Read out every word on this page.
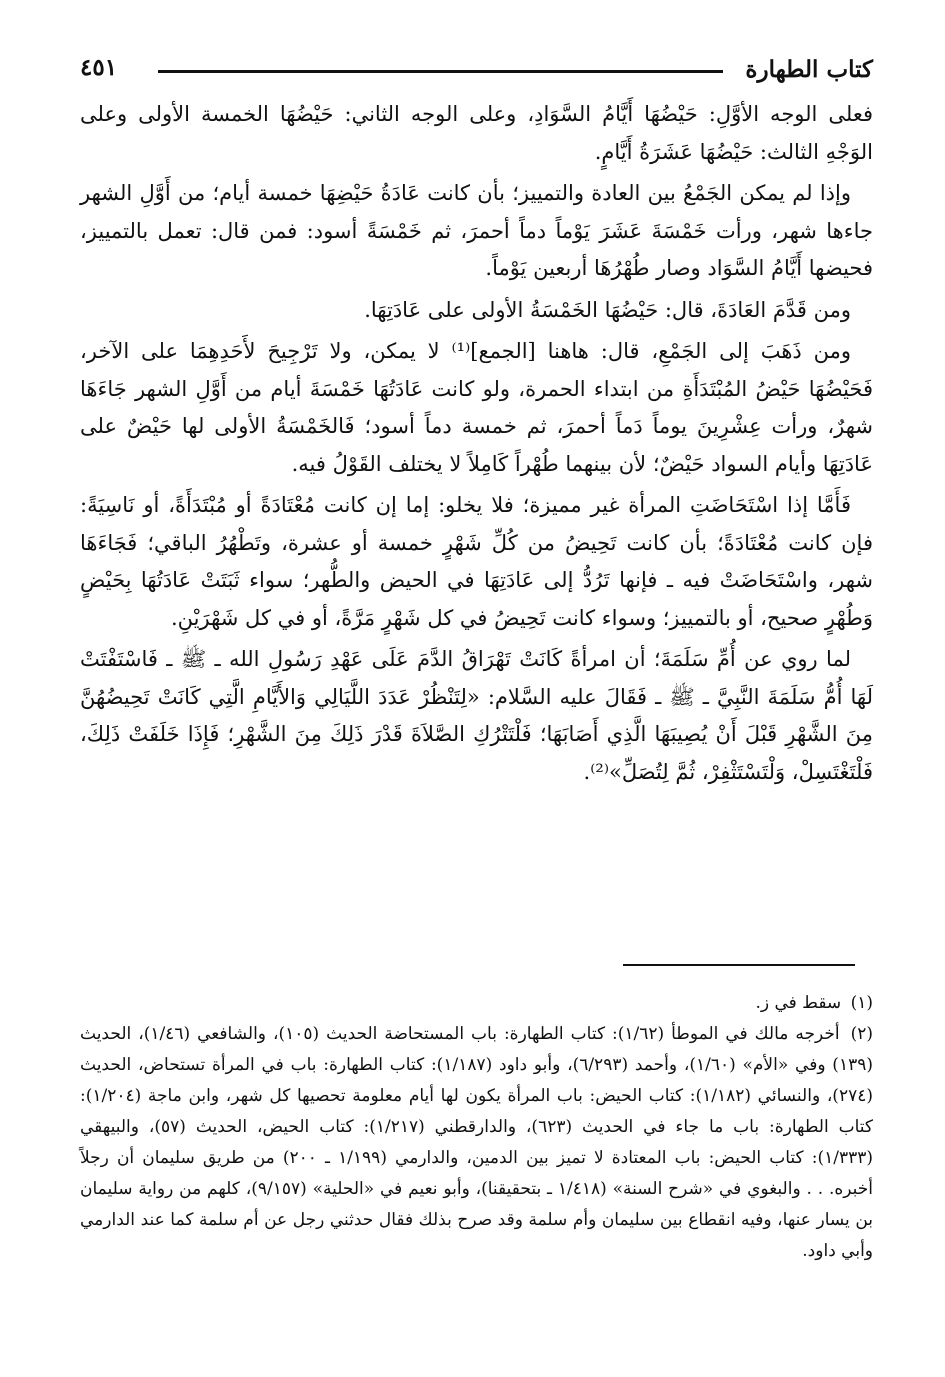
كتاب الطهارة
٤٥١

فعلى الوجه الأوَّلِ: حَيْضُهَا أَيَّامُ السَّوَادِ، وعلى الوجه الثاني: حَيْضُهَا الخمسة الأولى وعلى الوَجْهِ الثالث: حَيْضُهَا عَشَرَةُ أَيَّامٍ.

وإذا لم يمكن الجَمْعُ بين العادة والتمييز؛ بأن كانت عَادَةُ حَيْضِهَا خمسة أيام؛ من أَوَّلِ الشهر جاءها شهر، ورأت خَمْسَةَ عَشَرَ يَوْماً دماً أحمرَ، ثم خَمْسَةً أسود: فمن قال: تعمل بالتمييز، فحيضها أَيَّامُ السَّوَاد وصار طُهْرُهَا أربعين يَوْماً.

ومن قَدَّمَ العَادَةَ، قال: حَيْضُهَا الخَمْسَةُ الأولى على عَادَتِهَا.

ومن ذَهَبَ إلى الجَمْعِ، قال: هاهنا [الجمع]⁽¹⁾ لا يمكن، ولا تَرْجِيحَ لأَحَدِهِمَا على الآخر، فَحَيْضُهَا حَيْضُ المُبْتَدَأَةِ من ابتداء الحمرة، ولو كانت عَادَتُهَا خَمْسَةَ أيام من أَوَّلِ الشهر جَاءَهَا شهرٌ، ورأت عِشْرِينَ يوماً دَماً أحمرَ، ثم خمسة دماً أسود؛ فَالخَمْسَةُ الأولى لها حَيْضٌ على عَادَتِهَا وأيام السواد حَيْضٌ؛ لأن بينهما طُهْراً كَامِلاً لا يختلف القَوْلُ فيه.

فَأَمَّا إذا اسْتَحَاضَتِ المرأة غير مميزة؛ فلا يخلو: إما إن كانت مُعْتَادَةً أو مُبْتَدَأَةً، أو نَاسِيَةً: فإن كانت مُعْتَادَةً؛ بأن كانت تَحِيضُ من كُلِّ شَهْرٍ خمسة أو عشرة، وتَطْهُرُ الباقي؛ فَجَاءَهَا شهر، واسْتَحَاضَتْ فيه ـ فإنها تَرُدُّ إلى عَادَتِهَا في الحيض والطُّهر؛ سواء ثَبَتَتْ عَادَتُهَا بِحَيْضٍ وَطُهْرٍ صحيح، أو بالتمييز؛ وسواء كانت تَحِيضُ في كل شَهْرٍ مَرَّةً، أو في كل شَهْرَيْنِ.

لما روي عن أُمِّ سَلَمَةَ؛ أن امرأةً كَانَتْ تَهْرَاقُ الدَّمَ عَلَى عَهْدِ رَسُولِ الله ـ ﷺ ـ فَاسْتَفْتَتْ لَهَا أُمُّ سَلَمَةَ النَّبِيَّ ـ ﷺ ـ فَقَالَ عليه السَّلام: «لِتَنْظُرْ عَدَدَ اللَّيَالِي وَالأَيَّامِ الَّتِي كَانَتْ تَحِيضُهُنَّ مِنَ الشَّهْرِ قَبْلَ أَنْ يُصِيبَهَا الَّذِي أَصَابَهَا؛ فَلْتَتْرُكِ الصَّلاَةَ قَدْرَ ذَلِكَ مِنَ الشَّهْرِ؛ فَإِذَا خَلَفَتْ ذَلِكَ، فَلْتَغْتَسِلْ، وَلْتَسْتَثْفِرْ، ثُمَّ لِتُصَلِّ»⁽²⁾.

(١) سقط في ز.

(٢) أخرجه مالك في الموطأ (١/٦٢): كتاب الطهارة: باب المستحاضة الحديث (١٠٥)، والشافعي (١/٤٦)، الحديث (١٣٩) وفي «الأم» (١/٦٠)، وأحمد (٦/٢٩٣)، وأبو داود (١/١٨٧): كتاب الطهارة: باب في المرأة تستحاض، الحديث (٢٧٤)، والنسائي (١/١٨٢): كتاب الحيض: باب المرأة يكون لها أيام معلومة تحصيها كل شهر، وابن ماجة (١/٢٠٤): كتاب الطهارة: باب ما جاء في الحديث (٦٢٣)، والدارقطني (١/٢١٧): كتاب الحيض، الحديث (٥٧)، والبيهقي (١/٣٣٣): كتاب الحيض: باب المعتادة لا تميز بين الدمين، والدارمي (١/١٩٩ ـ ٢٠٠) من طريق سليمان أن رجلاً أخبره. . . والبغوي في «شرح السنة» (١/٤١٨ ـ بتحقيقنا)، وأبو نعيم في «الحلية» (٩/١٥٧)، كلهم من رواية سليمان بن يسار عنها، وفيه انقطاع بين سليمان وأم سلمة وقد صرح بذلك فقال حدثني رجل عن أم سلمة كما عند الدارمي وأبي داود.
